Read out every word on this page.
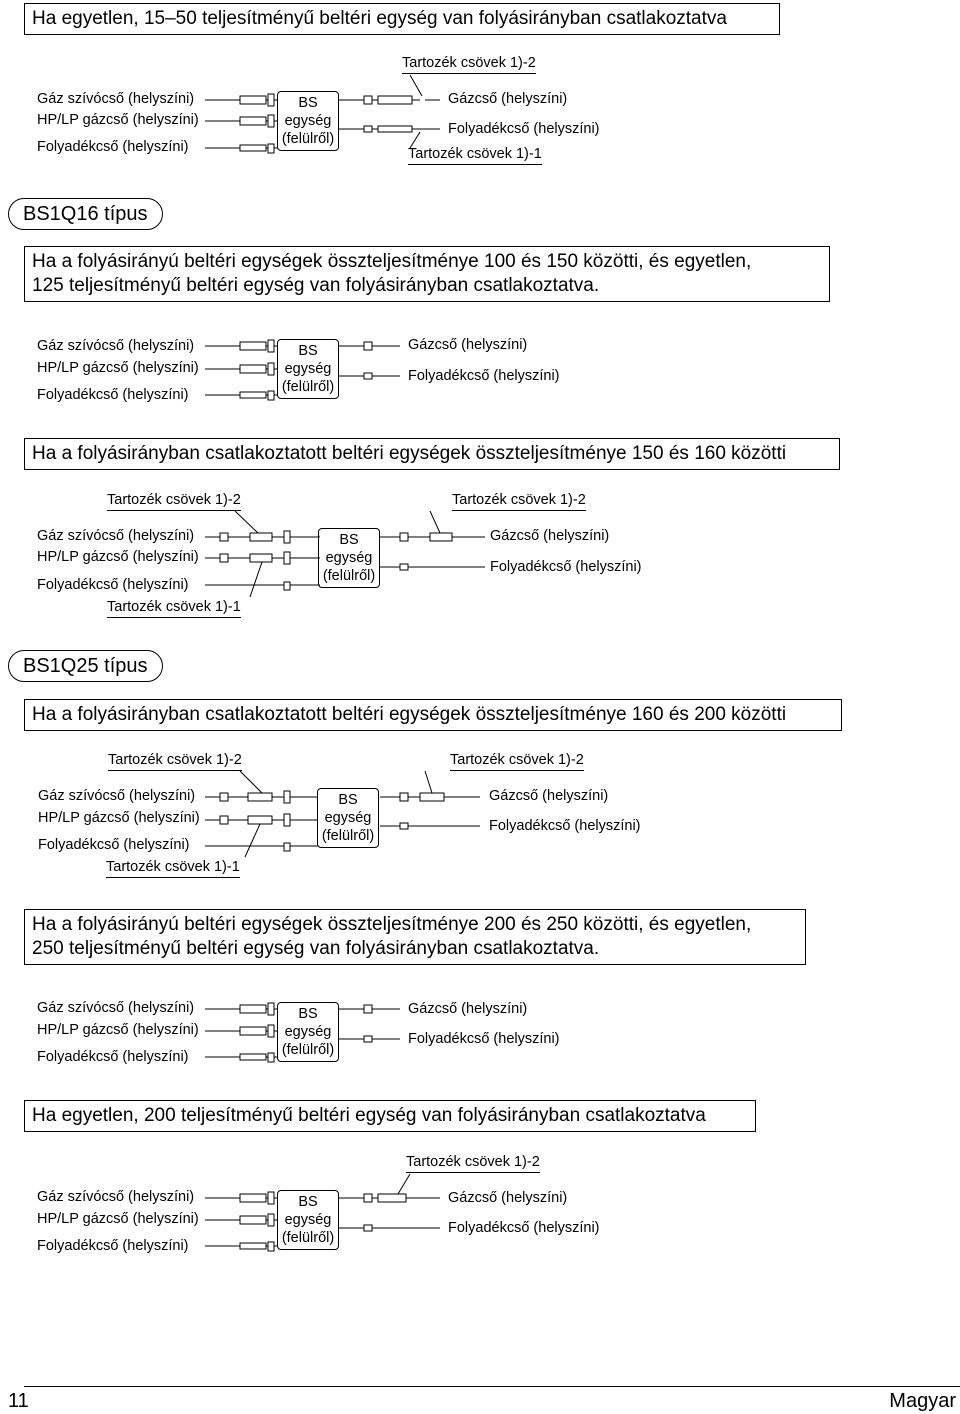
Ha egyetlen, 15–50 teljesítményű beltéri egység van folyásirányban csatlakoztatva
Tartozék csövek 1)-2
Gáz szívócső (helyszíni)
HP/LP gázcső (helyszíni)
Folyadékcső (helyszíni)
BS
egység
(felülről)
Gázcső (helyszíni)
Folyadékcső (helyszíni)
Tartozék csövek 1)-1
BS1Q16 típus
Ha a folyásirányú beltéri egységek összteljesítménye 100 és 150 közötti, és egyetlen,
125 teljesítményű beltéri egység van folyásirányban csatlakoztatva.
Gáz szívócső (helyszíni)
HP/LP gázcső (helyszíni)
Folyadékcső (helyszíni)
BS
egység
(felülről)
Gázcső (helyszíni)
Folyadékcső (helyszíni)
Ha a folyásirányban csatlakoztatott beltéri egységek összteljesítménye 150 és 160 közötti
Tartozék csövek 1)-2	Tartozék csövek 1)-2
Gáz szívócső (helyszíni)
HP/LP gázcső (helyszíni)
Folyadékcső (helyszíni)
Tartozék csövek 1)-1
BS
egység
(felülről)
Gázcső (helyszíni)
Folyadékcső (helyszíni)
BS1Q25 típus
Ha a folyásirányban csatlakoztatott beltéri egységek összteljesítménye 160 és 200 közötti
Tartozék csövek 1)-2	Tartozék csövek 1)-2
Gáz szívócső (helyszíni)
HP/LP gázcső (helyszíni)
Folyadékcső (helyszíni)
Tartozék csövek 1)-1
BS
egység
(felülről)
Gázcső (helyszíni)
Folyadékcső (helyszíni)
Ha a folyásirányú beltéri egységek összteljesítménye 200 és 250 közötti, és egyetlen,
250 teljesítményű beltéri egység van folyásirányban csatlakoztatva.
Gáz szívócső (helyszíni)
HP/LP gázcső (helyszíni)
Folyadékcső (helyszíni)
BS
egység
(felülről)
Gázcső (helyszíni)
Folyadékcső (helyszíni)
Ha egyetlen, 200 teljesítményű beltéri egység van folyásirányban csatlakoztatva
Tartozék csövek 1)-2
Gáz szívócső (helyszíni)
HP/LP gázcső (helyszíni)
Folyadékcső (helyszíni)
BS
egység
(felülről)
Gázcső (helyszíni)
Folyadékcső (helyszíni)
11	Magyar
